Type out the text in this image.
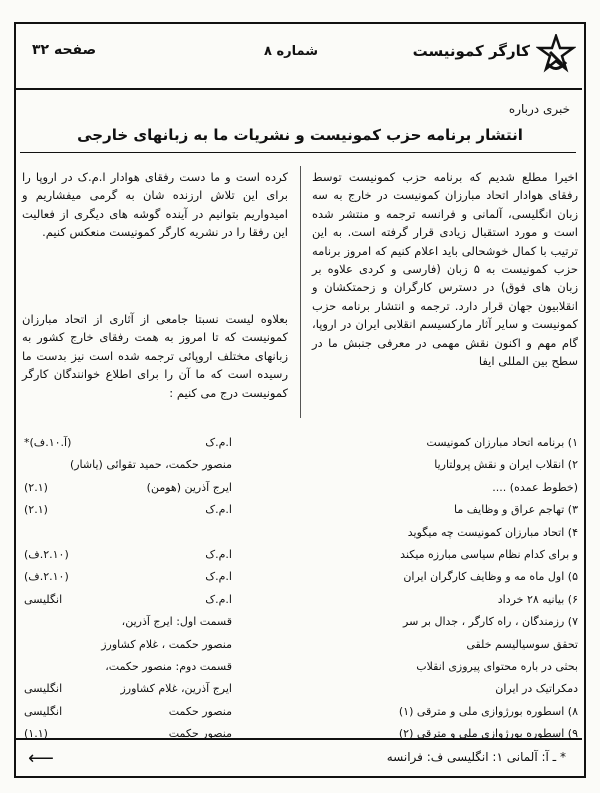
کارگر کمونیست
شماره ۸
صفحه ۳۲
خبری درباره
انتشار برنامه حزب کمونیست و نشریات ما به زبانهای خارجی

اخیرا مطلع شدیم که برنامه حزب کمونیست توسط رفقای هوادار اتحاد مبارزان کمونیست در خارج به سه زبان انگلیسی، آلمانی و فرانسه ترجمه و منتشر شده است و مورد استقبال زیادی قرار گرفته است. به این ترتیب با کمال خوشحالی باید اعلام کنیم که امروز برنامه حزب کمونیست به ۵ زبان (فارسی و کردی علاوه بر زبان های فوق) در دسترس کارگران و زحمتکشان و انقلابیون جهان قرار دارد. ترجمه و انتشار برنامه حزب کمونیست و سایر آثار مارکسیسم انقلابی ایران در اروپا، گام مهم و اکنون نقش مهمی در معرفی جنبش ما در سطح بین المللی ایفا

کرده است و ما دست رفقای هوادار ا.م.ک در اروپا را برای این تلاش ارزنده شان به گرمی میفشاریم و امیدواریم بتوانیم در آینده گوشه های دیگری از فعالیت این رفقا را در نشریه کارگر کمونیست منعکس کنیم.

بعلاوه لیست نسبتا جامعی از آثاری از اتحاد مبارزان کمونیست که تا امروز به همت رفقای خارج کشور به زبانهای مختلف اروپائی ترجمه شده است نیز بدست ما رسیده است که ما آن را برای اطلاع خوانندگان کارگر کمونیست درج می کنیم :

۱) برنامه اتحاد مبارزان کمونیست
۲) انقلاب ایران و نقش پرولتاریا
(خطوط عمده) ....
۳) تهاجم عراق و وظایف ما
۴) اتحاد مبارزان کمونیست چه میگوید
و برای کدام نظام سیاسی مبارزه میکند
۵) اول ماه مه و وظایف کارگران ایران
۶) بیانیه ۲۸ خرداد
۷) رزمندگان ، راه کارگر ، جدال بر سر
تحقق سوسیالیسم خلقی
بحثی در باره محتوای پیروزی انقلاب
دمکراتیک در ایران
۸) اسطوره بورژوازی ملی و مترقی (۱)
۹) اسطوره بورژوازی ملی و مترقی (۲)
ا.م.ک
(آ.۱۰.ف)*
منصور حکمت، حمید تقوائی (یاشار)
ایرج آذرین (هومن)
(۲.۱)
ا.م.ک
(۲.۱)
ا.م.ک
(۲.۱۰.ف)
ا.م.ک
(۲.۱۰.ف)
ا.م.ک
انگلیسی
قسمت اول: ایرج آذرین،
منصور حکمت ، غلام کشاورز
قسمت دوم: منصور حکمت،
ایرج آذرین، غلام کشاورز
انگلیسی
منصور حکمت
انگلیسی
منصور حکمت
(۱.۱)
* ـ آ: آلمانی ۱: انگلیسی ف: فرانسه
⟵
